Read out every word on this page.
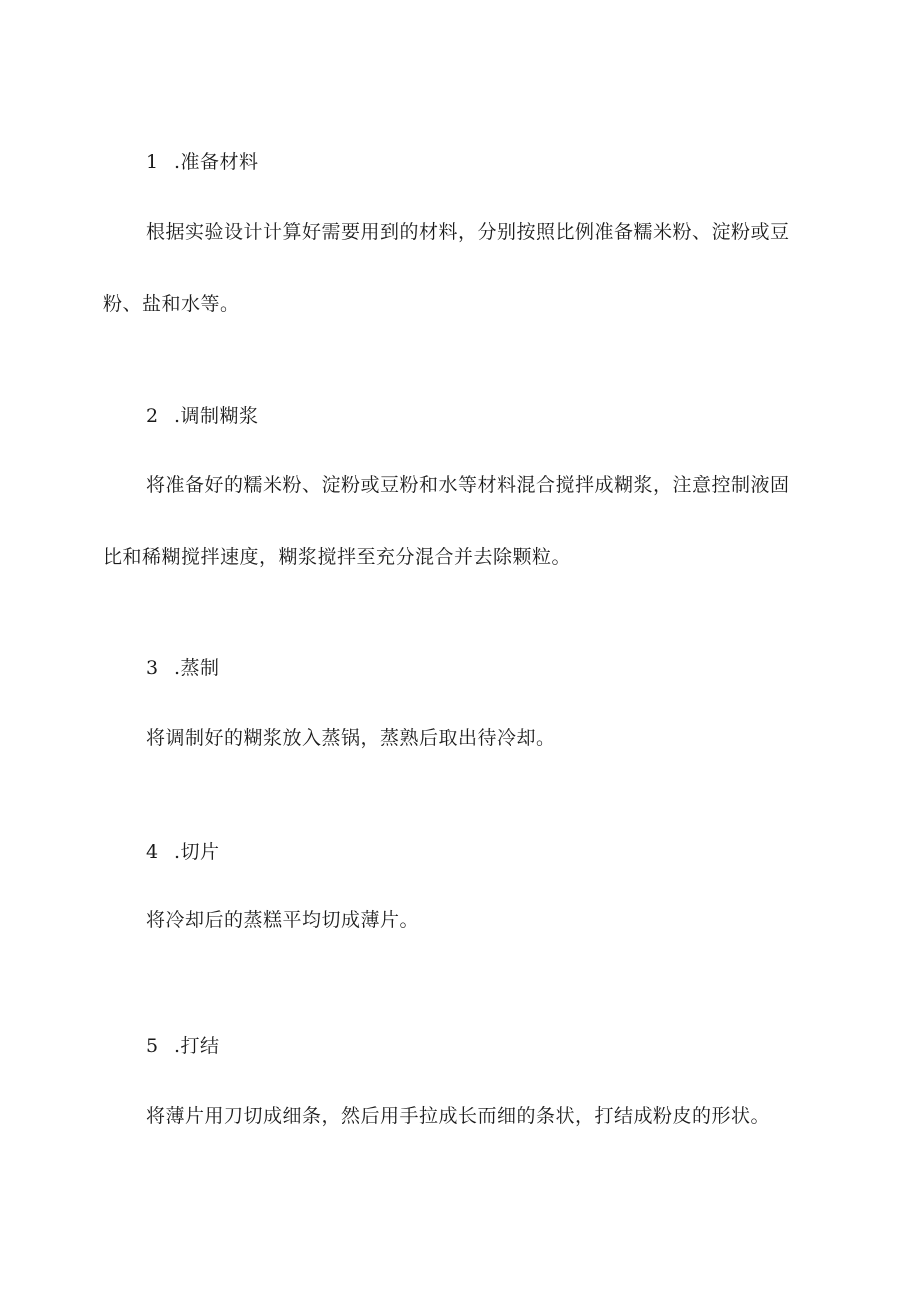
1 .准备材料
根据实验设计计算好需要用到的材料，分别按照比例准备糯米粉、淀粉或豆
粉、盐和水等。
2 .调制糊浆
将准备好的糯米粉、淀粉或豆粉和水等材料混合搅拌成糊浆，注意控制液固
比和稀糊搅拌速度，糊浆搅拌至充分混合并去除颗粒。
3 .蒸制
将调制好的糊浆放入蒸锅，蒸熟后取出待冷却。
4 .切片
将冷却后的蒸糕平均切成薄片。
5 .打结
将薄片用刀切成细条，然后用手拉成长而细的条状，打结成粉皮的形状。
